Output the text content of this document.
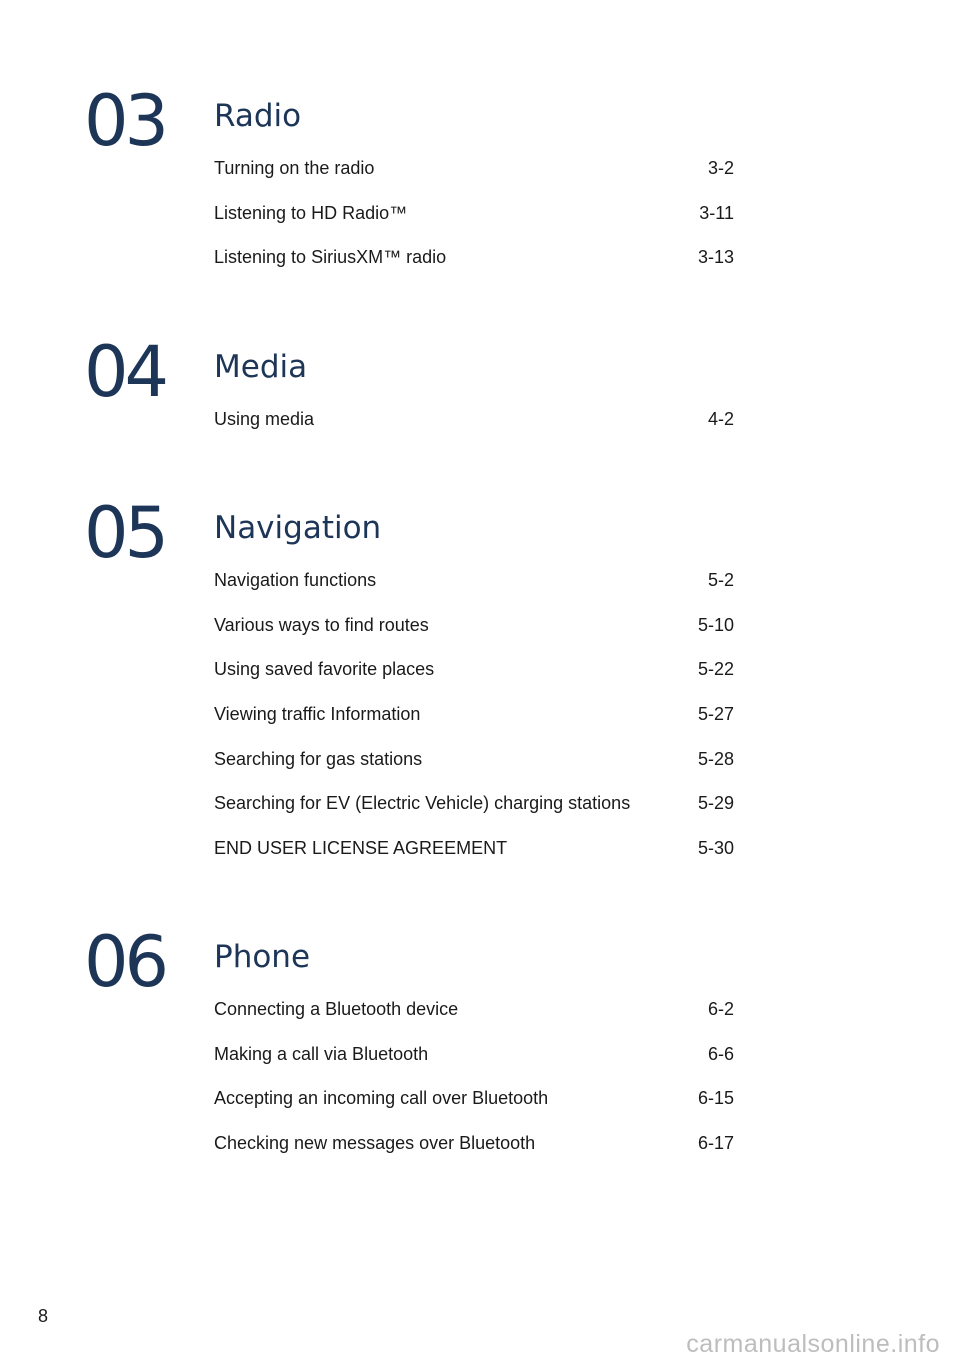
03 Radio
Turning on the radio	3-2
Listening to HD Radio™	3-11
Listening to SiriusXM™ radio	3-13
04 Media
Using media	4-2
05 Navigation
Navigation functions	5-2
Various ways to find routes	5-10
Using saved favorite places	5-22
Viewing traffic Information	5-27
Searching for gas stations	5-28
Searching for EV (Electric Vehicle) charging stations	5-29
END USER LICENSE AGREEMENT	5-30
06 Phone
Connecting a Bluetooth device	6-2
Making a call via Bluetooth	6-6
Accepting an incoming call over Bluetooth	6-15
Checking new messages over Bluetooth	6-17
8
carmanualsonline.info
